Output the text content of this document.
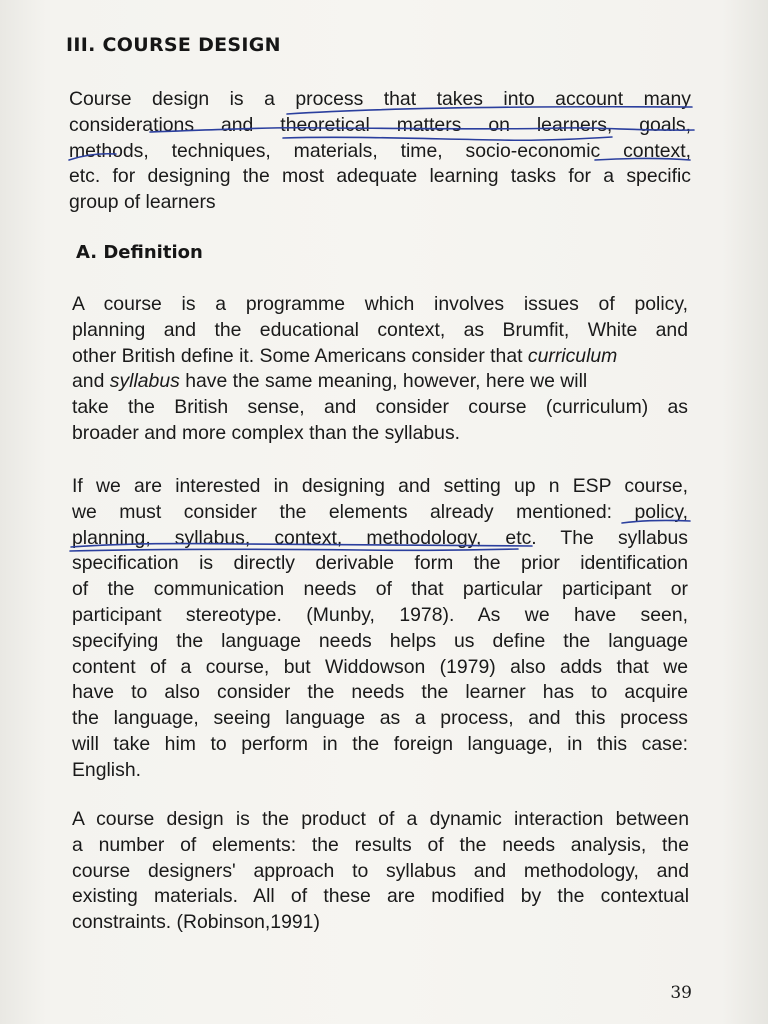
III. COURSE DESIGN
Course design is a process that takes into account many
considerations and theoretical matters on learners, goals,
methods, techniques, materials, time, socio-economic context,
etc. for designing the most adequate learning tasks for a specific
group of learners
A. Definition
A course is a programme which involves issues of policy,
planning and the educational context, as Brumfit, White and
other British define it. Some Americans consider that curriculum
and syllabus have the same meaning, however, here we will
take the British sense, and consider course (curriculum) as
broader and more complex than the syllabus.
If we are interested in designing and setting up n ESP course,
we must consider the elements already mentioned: policy,
planning, syllabus, context, methodology, etc. The syllabus
specification is directly derivable form the prior identification
of the communication needs of that particular participant or
participant stereotype. (Munby, 1978). As we have seen,
specifying the language needs helps us define the language
content of a course, but Widdowson (1979) also adds that we
have to also consider the needs the learner has to acquire
the language, seeing language as a process, and this process
will take him to perform in the foreign language, in this case:
English.
A course design is the product of a dynamic interaction between
a number of elements: the results of the needs analysis, the
course designers' approach to syllabus and methodology, and
existing materials. All of these are modified by the contextual
constraints. (Robinson,1991)
39
